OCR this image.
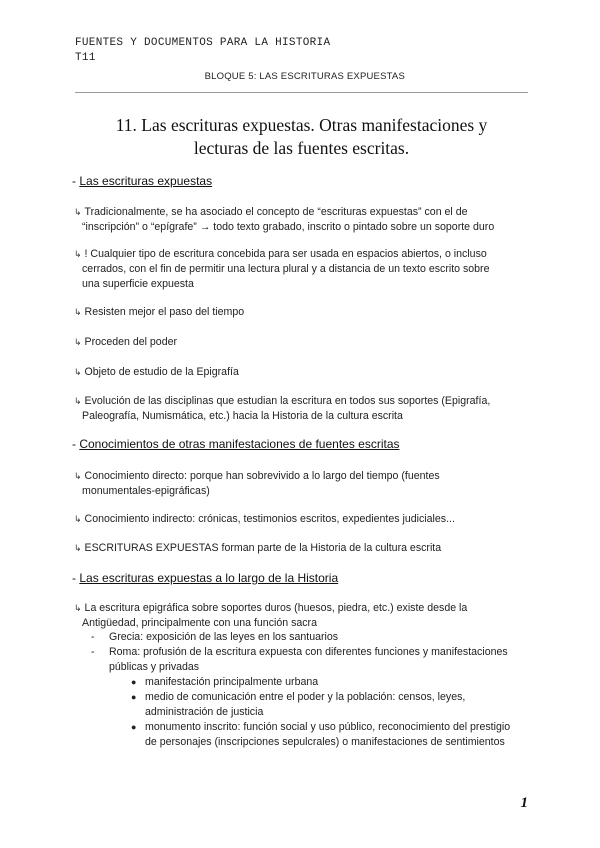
FUENTES Y DOCUMENTOS PARA LA HISTORIA
T11
BLOQUE 5: LAS ESCRITURAS EXPUESTAS
11. Las escrituras expuestas. Otras manifestaciones y
lecturas de las fuentes escritas.
- Las escrituras expuestas
↳ Tradicionalmente, se ha asociado el concepto de “escrituras expuestas” con el de
“inscripción” o “epígrafe” → todo texto grabado, inscrito o pintado sobre un soporte duro
↳ ! Cualquier tipo de escritura concebida para ser usada en espacios abiertos, o incluso
cerrados, con el fin de permitir una lectura plural y a distancia de un texto escrito sobre
una superficie expuesta
↳ Resisten mejor el paso del tiempo
↳ Proceden del poder
↳ Objeto de estudio de la Epigrafía
↳ Evolución de las disciplinas que estudian la escritura en todos sus soportes (Epigrafía,
Paleografía, Numismática, etc.) hacia la Historia de la cultura escrita
- Conocimientos de otras manifestaciones de fuentes escritas
↳ Conocimiento directo: porque han sobrevivido a lo largo del tiempo (fuentes
monumentales-epigráficas)
↳ Conocimiento indirecto: crónicas, testimonios escritos, expedientes judiciales...
↳ ESCRITURAS EXPUESTAS forman parte de la Historia de la cultura escrita
- Las escrituras expuestas a lo largo de la Historia
↳ La escritura epigráfica sobre soportes duros (huesos, piedra, etc.) existe desde la
Antigüedad, principalmente con una función sacra
- Grecia: exposición de las leyes en los santuarios
- Roma: profusión de la escritura expuesta con diferentes funciones y manifestaciones
públicas y privadas
● manifestación principalmente urbana
● medio de comunicación entre el poder y la población: censos, leyes,
administración de justicia
● monumento inscrito: función social y uso público, reconocimiento del prestigio
de personajes (inscripciones sepulcrales) o manifestaciones de sentimientos
1
